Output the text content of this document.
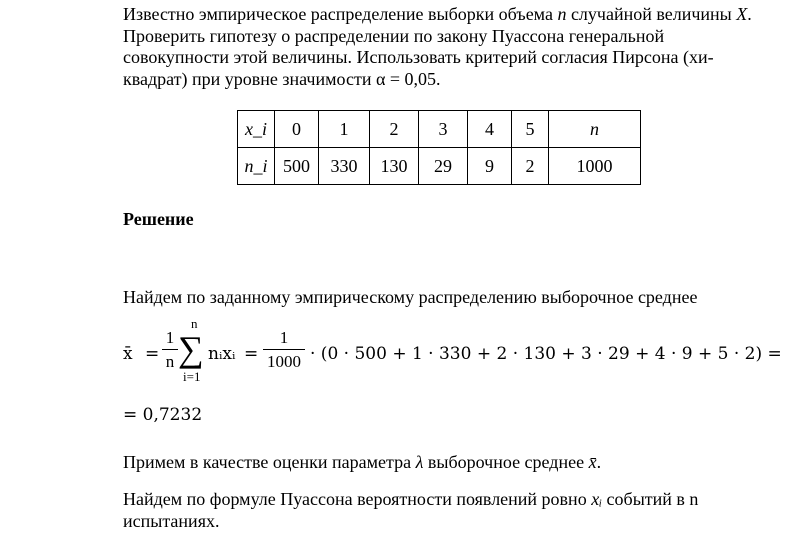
Известно эмпирическое распределение выборки объема n случайной величины X. Проверить гипотезу о распределении по закону Пуассона генеральной совокупности этой величины. Использовать критерий согласия Пирсона (хи-квадрат) при уровне значимости α = 0,05.

x_i	0	1	2	3	4	5	n
n_i	500	330	130	29	9	2	1000
Решение
Найдем по заданному эмпирическому распределению выборочное среднее
x̄ = $\frac{1}{n}$
n
∑
i=1
nᵢxᵢ = $\frac{1}{1000} \cdot (0 \cdot 500 + 1 \cdot 330 + 2 \cdot 130 + 3 \cdot 29 + 4 \cdot 9 + 5 \cdot 2)$ =
= 0,7232
Примем в качестве оценки параметра λ выборочное среднее x̄.

Найдем по формуле Пуассона вероятности появлений ровно xᵢ событий в n испытаниях.
